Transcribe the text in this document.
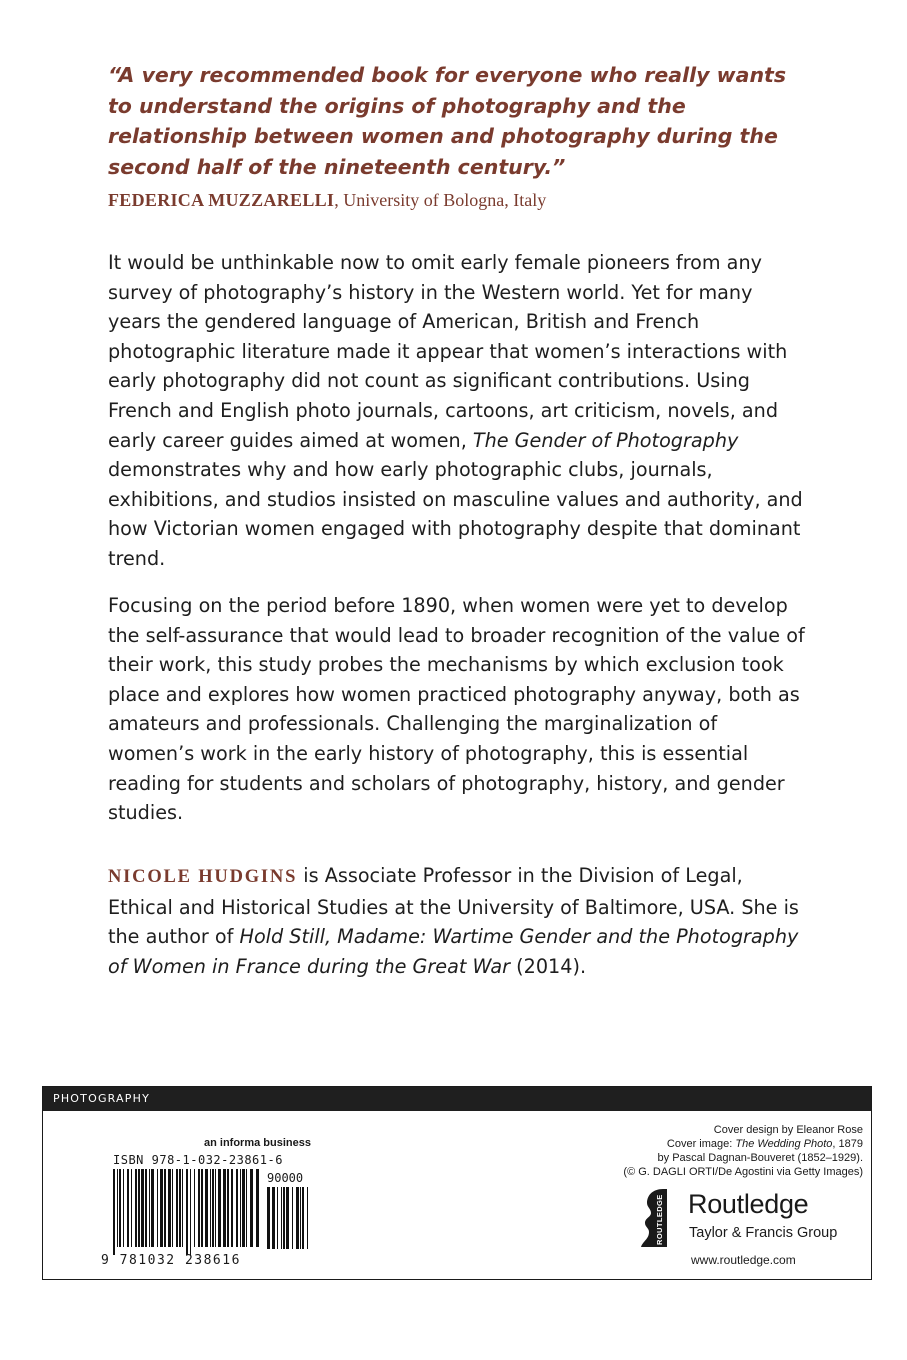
“A very recommended book for everyone who really wants to understand the origins of photography and the relationship between women and photography during the second half of the nineteenth century.”

FEDERICA MUZZARELLI, University of Bologna, Italy

It would be unthinkable now to omit early female pioneers from any survey of photography’s history in the Western world. Yet for many years the gendered language of American, British and French photographic literature made it appear that women’s interactions with early photography did not count as significant contributions. Using French and English photo journals, cartoons, art criticism, novels, and early career guides aimed at women, The Gender of Photography demonstrates why and how early photographic clubs, journals, exhibitions, and studios insisted on masculine values and authority, and how Victorian women engaged with photography despite that dominant trend.

Focusing on the period before 1890, when women were yet to develop the self-assurance that would lead to broader recognition of the value of their work, this study probes the mechanisms by which exclusion took place and explores how women practiced photography anyway, both as amateurs and professionals. Challenging the marginalization of women’s work in the early history of photography, this is essential reading for students and scholars of photography, history, and gender studies.

NICOLE HUDGINS is Associate Professor in the Division of Legal, Ethical and Historical Studies at the University of Baltimore, USA. She is the author of Hold Still, Madame: Wartime Gender and the Photography of Women in France during the Great War (2014).

PHOTOGRAPHY
an informa business
ISBN 978-1-032-23861-6
90000
9 781032 238616
Cover design by Eleanor Rose
Cover image: The Wedding Photo, 1879
by Pascal Dagnan-Bouveret (1852–1929).
(© G. DAGLI ORTI/De Agostini via Getty Images)
ROUTLEDGE Routledge
Taylor & Francis Group
www.routledge.com
